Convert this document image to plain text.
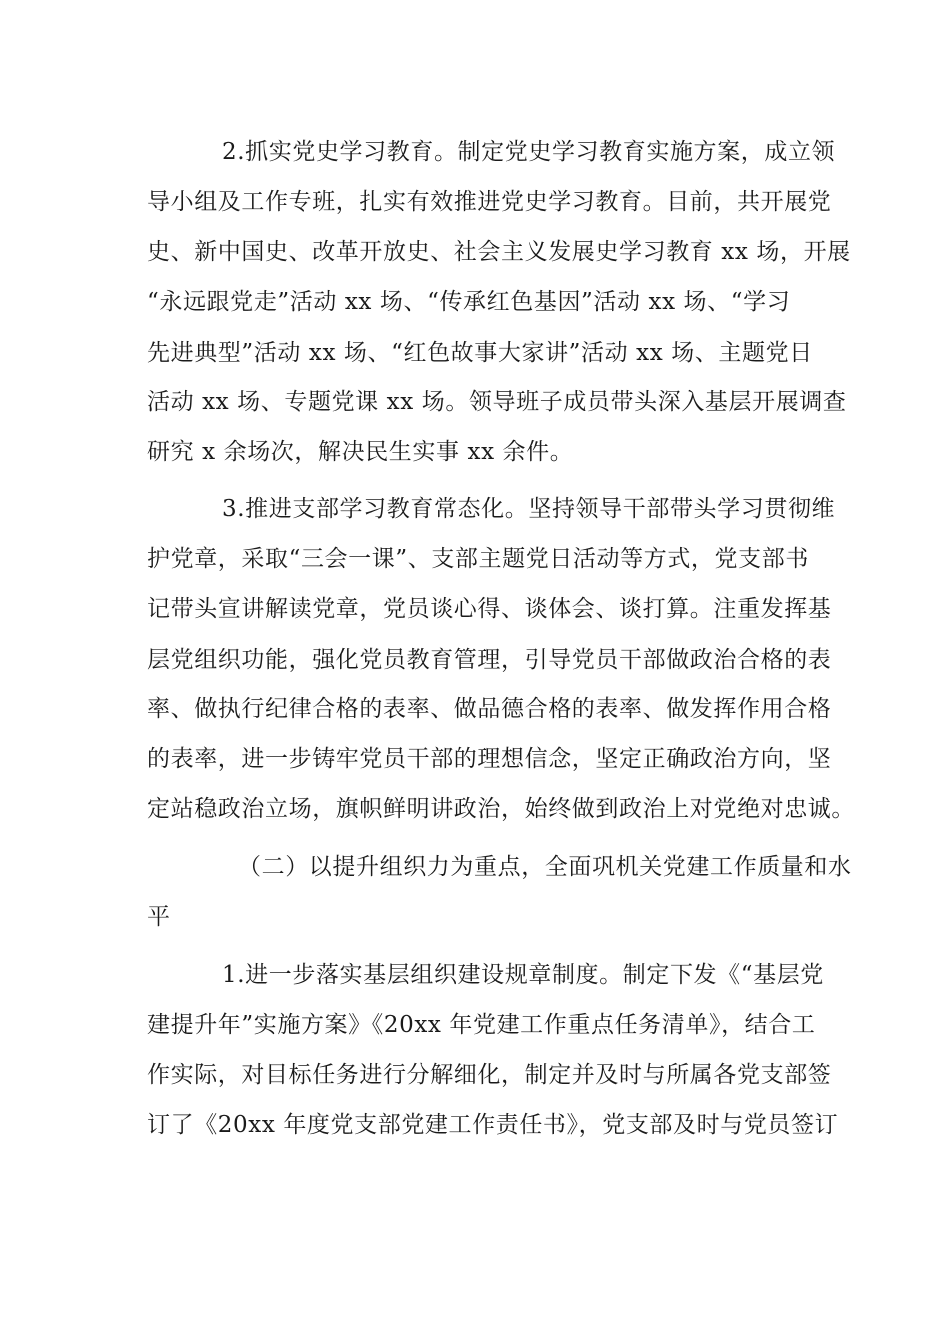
2.抓实党史学习教育。制定党史学习教育实施方案，成立领
导小组及工作专班，扎实有效推进党史学习教育。目前，共开展党
史、新中国史、改革开放史、社会主义发展史学习教育 xx 场，开展
“永远跟党走”活动 xx 场、“传承红色基因”活动 xx 场、“学习
先进典型”活动 xx 场、“红色故事大家讲”活动 xx 场、主题党日
活动 xx 场、专题党课 xx 场。领导班子成员带头深入基层开展调查
研究 x 余场次，解决民生实事 xx 余件。
3.推进支部学习教育常态化。坚持领导干部带头学习贯彻维
护党章，采取“三会一课”、支部主题党日活动等方式，党支部书
记带头宣讲解读党章，党员谈心得、谈体会、谈打算。注重发挥基
层党组织功能，强化党员教育管理，引导党员干部做政治合格的表
率、做执行纪律合格的表率、做品德合格的表率、做发挥作用合格
的表率，进一步铸牢党员干部的理想信念，坚定正确政治方向，坚
定站稳政治立场，旗帜鲜明讲政治，始终做到政治上对党绝对忠诚。
（二）以提升组织力为重点，全面巩机关党建工作质量和水
平
1.进一步落实基层组织建设规章制度。制定下发《“基层党
建提升年”实施方案》《20xx 年党建工作重点任务清单》，结合工
作实际，对目标任务进行分解细化，制定并及时与所属各党支部签
订了《20xx 年度党支部党建工作责任书》，党支部及时与党员签订
